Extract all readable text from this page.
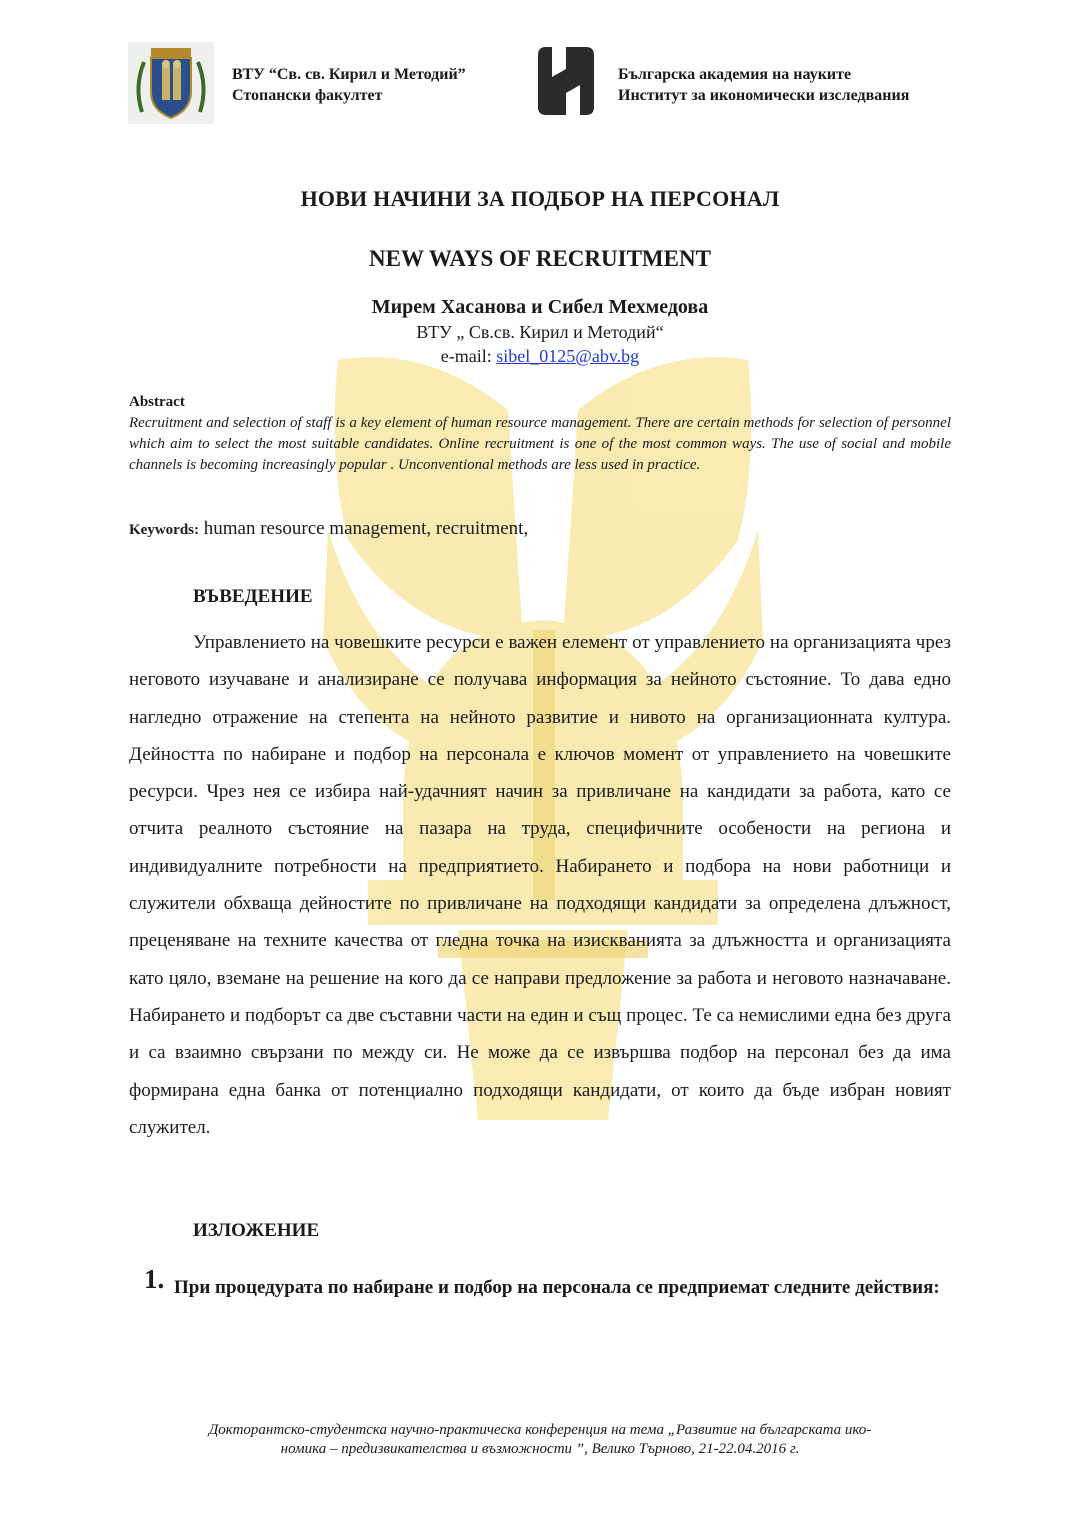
ВТУ “Св. св. Кирил и Методий”
Стопански факултет
Българска академия на науките
Институт за икономически изследвания
НОВИ НАЧИНИ ЗА ПОДБОР НА ПЕРСОНАЛ
NEW WAYS OF RECRUITMENT
Мирем Хасанова и Сибел Мехмедова
ВТУ „ Св.св. Кирил и Методий“
e-mail: sibel_0125@abv.bg
Abstract
Recruitment and selection of staff is a key element of human resource management. There are certain methods for selection of personnel which aim to select the most suitable candidates. Online recruitment is one of the most common ways. The use of social and mobile channels is becoming increasingly popular . Unconventional methods are less used in practice.
Keywords: human resource management, recruitment,
ВЪВЕДЕНИЕ
Управлението на човешките ресурси е важен елемент от управлението на организацията чрез неговото изучаване и анализиране се получава информация за нейното състояние. То дава едно нагледно отражение на степента на нейното развитие и нивото на организационната култура. Дейността по набиране и подбор на персонала е ключов момент от управлението на човешките ресурси. Чрез нея се избира най-удачният начин за привличане на кандидати за работа, като се отчита реалното състояние на пазара на труда, специфичните особености на региона и индивидуалните потребности на предприятието. Набирането и подбора на нови работници и служители обхваща дейностите по привличане на подходящи кандидати за определена длъжност, преценяване на техните качества от гледна точка на изискванията за длъжността и организацията като цяло, вземане на решение на кого да се направи предложение за работа и неговото назначаване. Набирането и подборът са две съставни части на един и същ процес. Те са немислими една без друга и са взаимно свързани по между си. Не може да се извършва подбор на персонал без да има формирана една банка от потенциално подходящи кандидати, от които да бъде избран новият служител.
ИЗЛОЖЕНИЕ
1. При процедурата по набиране и подбор на персонала се предприемат следните действия:
Докторантско-студентска научно-практическа конференция на тема „Развитие на българската ико-
номика – предизвикателства и възможности ”, Велико Търново, 21-22.04.2016 г.
